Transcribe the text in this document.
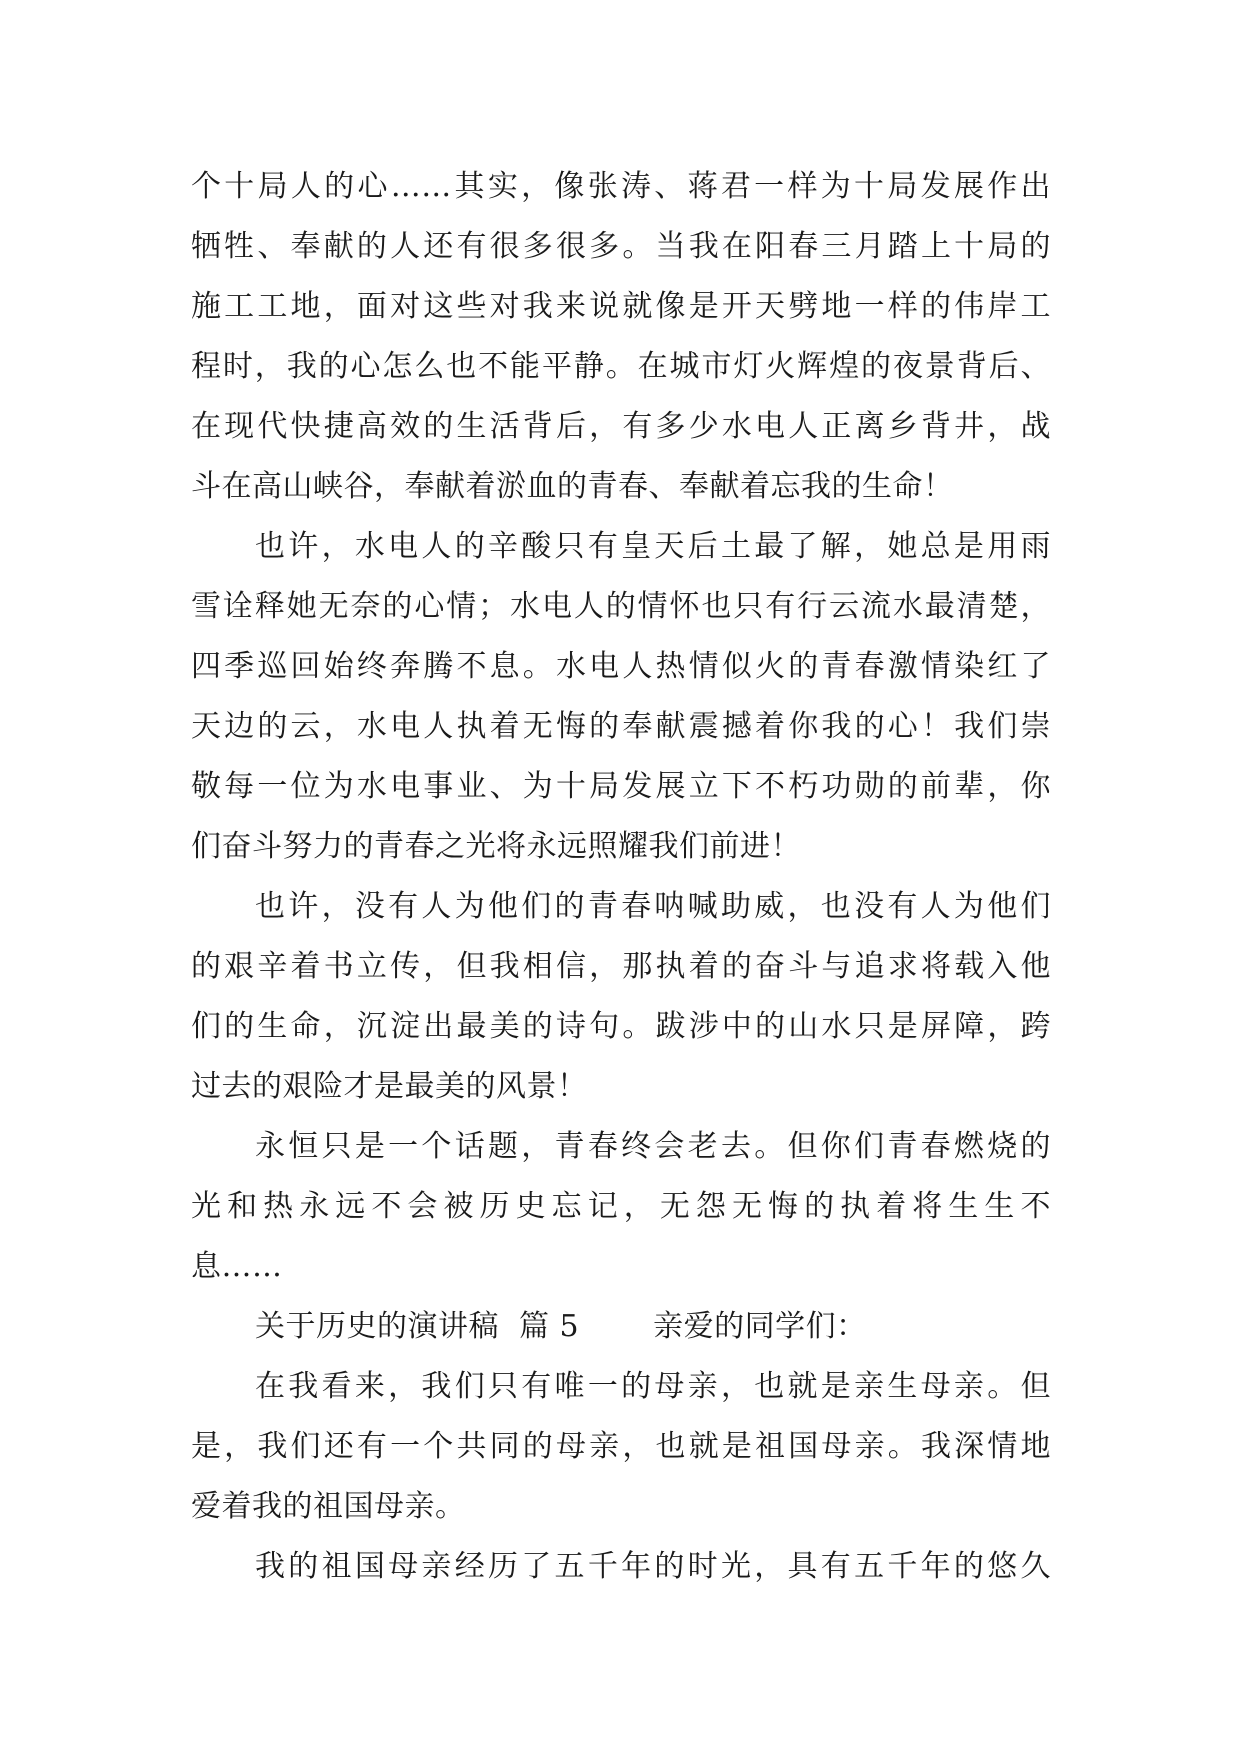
个十局人的心……其实，像张涛、蒋君一样为十局发展作出
牺牲、奉献的人还有很多很多。当我在阳春三月踏上十局的
施工工地，面对这些对我来说就像是开天劈地一样的伟岸工
程时，我的心怎么也不能平静。在城市灯火辉煌的夜景背后、
在现代快捷高效的生活背后，有多少水电人正离乡背井，战
斗在高山峡谷，奉献着淤血的青春、奉献着忘我的生命！
也许，水电人的辛酸只有皇天后土最了解，她总是用雨
雪诠释她无奈的心情；水电人的情怀也只有行云流水最清楚，
四季巡回始终奔腾不息。水电人热情似火的青春激情染红了
天边的云，水电人执着无悔的奉献震撼着你我的心！我们崇
敬每一位为水电事业、为十局发展立下不朽功勋的前辈，你
们奋斗努力的青春之光将永远照耀我们前进！
也许，没有人为他们的青春呐喊助威，也没有人为他们
的艰辛着书立传，但我相信，那执着的奋斗与追求将载入他
们的生命，沉淀出最美的诗句。跋涉中的山水只是屏障，跨
过去的艰险才是最美的风景！
永恒只是一个话题，青春终会老去。但你们青春燃烧的
光和热永远不会被历史忘记，无怨无悔的执着将生生不
息……
关于历史的演讲稿 篇 5 亲爱的同学们：
在我看来，我们只有唯一的母亲，也就是亲生母亲。但
是，我们还有一个共同的母亲，也就是祖国母亲。我深情地
爱着我的祖国母亲。
我的祖国母亲经历了五千年的时光，具有五千年的悠久
